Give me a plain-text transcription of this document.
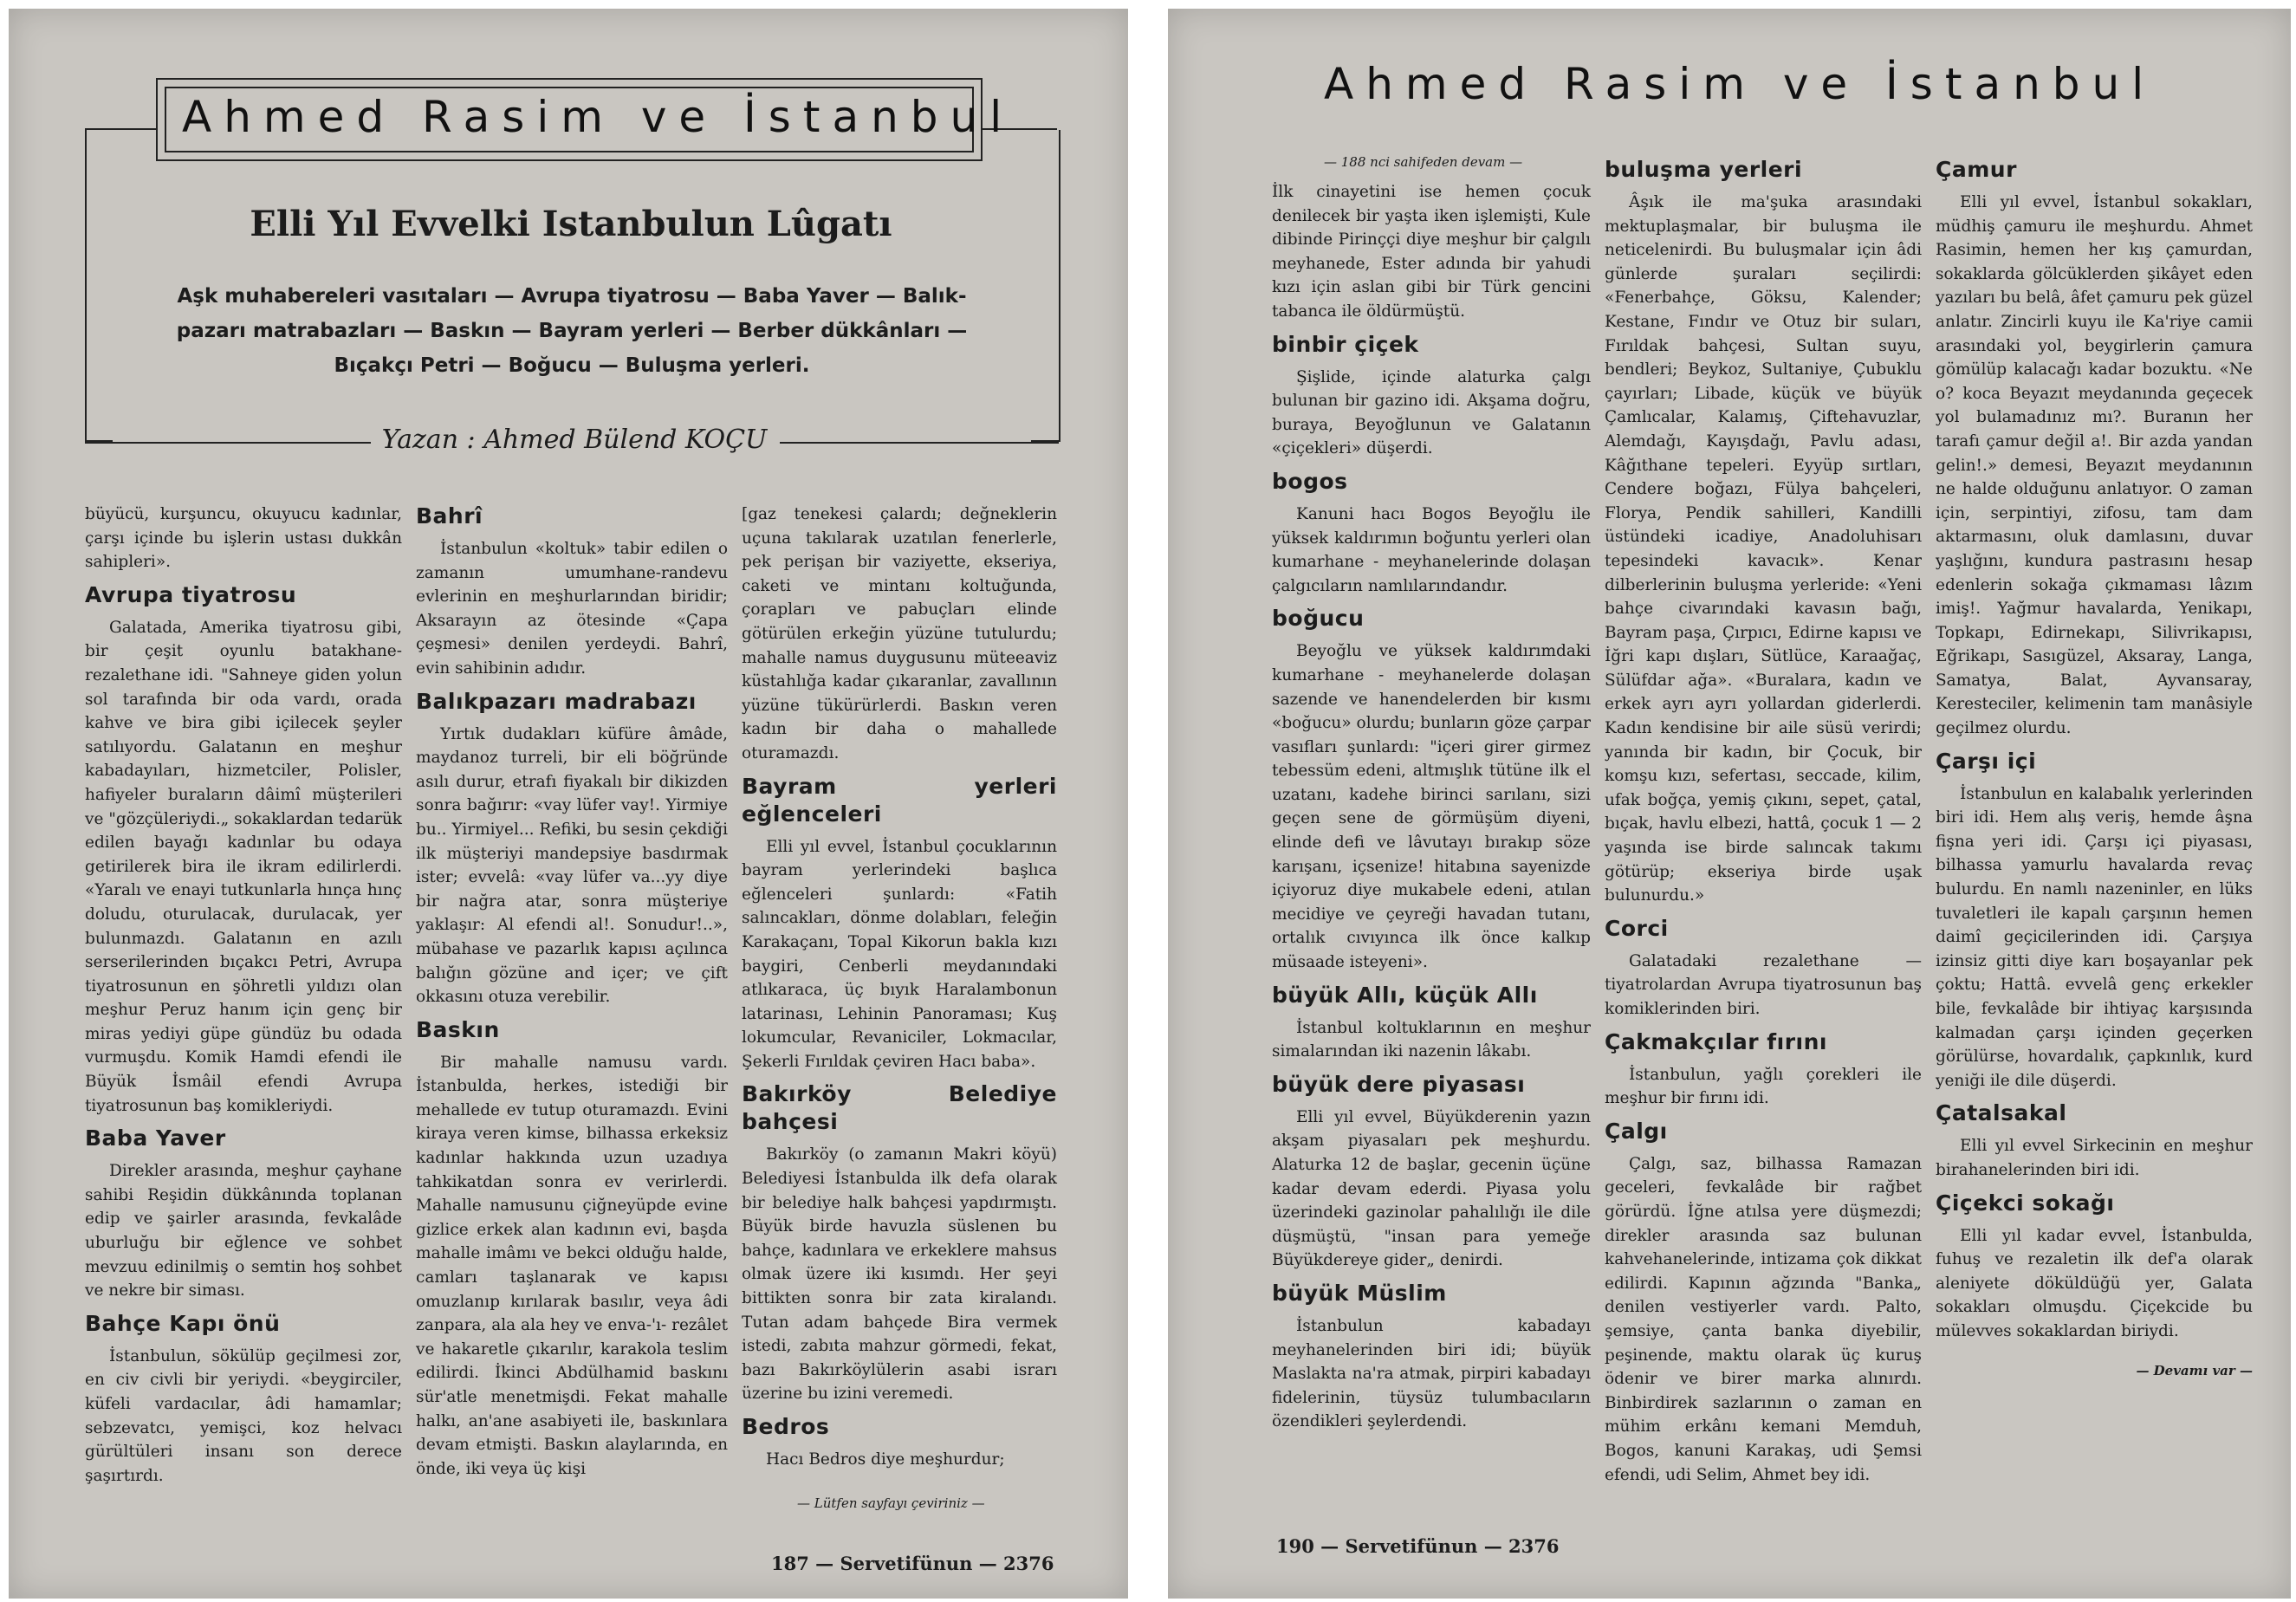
Ahmed Rasim ve İstanbul
Elli Yıl Evvelki Istanbulun Lûgatı
Aşk muhabereleri vasıtaları — Avrupa tiyatrosu — Baba Yaver — Balık-
pazarı matrabazları — Baskın — Bayram yerleri — Berber dükkânları —
Bıçakçı Petri — Boğucu — Buluşma yerleri.
Yazan : Ahmed Bülend KOÇU

büyücü, kurşuncu, okuyucu kadınlar, çarşı içinde bu işlerin ustası dukkân sahipleri».

Avrupa tiyatrosu

Galatada, Amerika tiyatrosu gibi, bir çeşit oyunlu batakhane-rezalethane idi. "Sahneye giden yolun sol tarafında bir oda vardı, orada kahve ve bira gibi içilecek şeyler satılıyordu. Galatanın en meşhur kabadayıları, hizmetciler, Polisler, hafiyeler buraların dâimî müşterileri ve "gözçüleriydi.„ sokaklardan tedarük edilen bayağı kadınlar bu odaya getirilerek bira ile ikram edilirlerdi. «Yaralı ve enayi tutkunlarla hınça hınç doludu, oturulacak, durulacak, yer bulunmazdı. Galatanın en azılı serserilerinden bıçakcı Petri, Avrupa tiyatrosunun en şöhretli yıldızı olan meşhur Peruz hanım için genç bir miras yediyi güpe gündüz bu odada vurmuşdu. Komik Hamdi efendi ile Büyük İsmâil efendi Avrupa tiyatrosunun baş komikleriydi.

Baba Yaver

Direkler arasında, meşhur çayhane sahibi Reşidin dükkânında toplanan edip ve şairler arasında, fevkalâde uburluğu bir eğlence ve sohbet mevzuu edinilmiş o semtin hoş sohbet ve nekre bir siması.

Bahçe Kapı önü

İstanbulun, sökülüp geçilmesi zor, en civ civli bir yeriydi. «beygirciler, küfeli vardacılar, âdi hamamlar; sebzevatcı, yemişci, koz helvacı gürültüleri insanı son derece şaşırtırdı.

Bahrî

İstanbulun «koltuk» tabir edilen o zamanın umumhane-randevu evlerinin en meşhurlarından biridir; Aksarayın az ötesinde «Çapa çeşmesi» denilen yerdeydi. Bahrî, evin sahibinin adıdır.

Balıkpazarı madrabazı

Yırtık dudakları küfüre âmâde, maydanoz turreli, bir eli böğründe asılı durur, etrafı fiyakalı bir dikizden sonra bağırır: «vay lüfer vay!. Yirmiye bu.. Yirmiyel... Refiki, bu sesin çekdiği ilk müşteriyi mandepsiye basdırmak ister; evvelâ: «vay lüfer va...yy diye bir nağra atar, sonra müşteriye yaklaşır: Al efendi al!. Sonudur!..», mübahase ve pazarlık kapısı açılınca balığın gözüne and içer; ve çift okkasını otuza verebilir.

Baskın

Bir mahalle namusu vardı. İstanbulda, herkes, istediği bir mehallede ev tutup oturamazdı. Evini kiraya veren kimse, bilhassa erkeksiz kadınlar hakkında uzun uzadıya tahkikatdan sonra ev verirlerdi. Mahalle namusunu çiğneyüpde evine gizlice erkek alan kadının evi, başda mahalle imâmı ve bekci olduğu halde, camları taşlanarak ve kapısı omuzlanıp kırılarak basılır, veya âdi zanpara, ala ala hey ve enva-'ı- rezâlet ve hakaretle çıkarılır, karakola teslim edilirdi. İkinci Abdülhamid baskını sür'atle menetmişdi. Fekat mahalle halkı, an'ane asabiyeti ile, baskınlara devam etmişti. Baskın alaylarında, en önde, iki veya üç kişi

[gaz tenekesi çalardı; değneklerin uçuna takılarak uzatılan fenerlerle, pek perişan bir vaziyette, ekseriya, caketi ve mintanı koltuğunda, çorapları ve pabuçları elinde götürülen erkeğin yüzüne tutulurdu; mahalle namus duygusunu müteeaviz küstahlığa kadar çıkaranlar, zavallının yüzüne tükürürlerdi. Baskın veren kadın bir daha o mahallede oturamazdı.

Bayram yerleri eğlenceleri

Elli yıl evvel, İstanbul çocuklarının bayram yerlerindeki başlıca eğlenceleri şunlardı: «Fatih salıncakları, dönme dolabları, feleğin Karakaçanı, Topal Kikorun bakla kızı baygiri, Cenberli meydanındaki atlıkaraca, üç bıyık Haralambonun latarinası, Lehinin Panoraması; Kuş lokumcular, Revaniciler, Lokmacılar, Şekerli Fırıldak çeviren Hacı baba».

Bakırköy Belediye bahçesi

Bakırköy (o zamanın Makri köyü) Belediyesi İstanbulda ilk defa olarak bir belediye halk bahçesi yapdırmıştı. Büyük birde havuzla süslenen bu bahçe, kadınlara ve erkeklere mahsus olmak üzere iki kısımdı. Her şeyi bittikten sonra bir zata kiralandı. Tutan adam bahçede Bira vermek istedi, zabıta mahzur görmedi, fekat, bazı Bakırköylülerin asabi israrı üzerine bu izini veremedi.

Bedros

Hacı Bedros diye meşhurdur;

— Lütfen sayfayı çeviriniz —
187 — Servetifünun — 2376
Ahmed Rasim ve İstanbul
— 188 nci sahifeden devam —

İlk cinayetini ise hemen çocuk denilecek bir yaşta iken işlemişti, Kule dibinde Pirinççi diye meşhur bir çalgılı meyhanede, Ester adında bir yahudi kızı için aslan gibi bir Türk gencini tabanca ile öldürmüştü.

binbir çiçek

Şişlide, içinde alaturka çalgı bulunan bir gazino idi. Akşama doğru, buraya, Beyoğlunun ve Galatanın «çiçekleri» düşerdi.

bogos

Kanuni hacı Bogos Beyoğlu ile yüksek kaldırımın boğuntu yerleri olan kumarhane - meyhanelerinde dolaşan çalgıcıların namlılarındandır.

boğucu

Beyoğlu ve yüksek kaldırımdaki kumarhane - meyhanelerde dolaşan sazende ve hanendelerden bir kısmı «boğucu» olurdu; bunların göze çarpar vasıfları şunlardı: "içeri girer girmez tebessüm edeni, altmışlık tütüne ilk el uzatanı, kadehe birinci sarılanı, sizi geçen sene de görmüşüm diyeni, elinde defi ve lâvutayı bırakıp söze karışanı, içsenize! hitabına sayenizde içiyoruz diye mukabele edeni, atılan mecidiye ve çeyreği havadan tutanı, ortalık cıvıyınca ilk önce kalkıp müsaade isteyeni».

büyük Allı, küçük Allı

İstanbul koltuklarının en meşhur simalarından iki nazenin lâkabı.

büyük dere piyasası

Elli yıl evvel, Büyükderenin yazın akşam piyasaları pek meşhurdu. Alaturka 12 de başlar, gecenin üçüne kadar devam ederdi. Piyasa yolu üzerindeki gazinolar pahalılığı ile dile düşmüştü, "insan para yemeğe Büyükdereye gider„ denirdi.

büyük Müslim

İstanbulun kabadayı meyhanelerinden biri idi; büyük Maslakta na'ra atmak, pirpiri kabadayı fidelerinin, tüysüz tulumbacıların özendikleri şeylerdendi.

buluşma yerleri

Âşık ile ma'şuka arasındaki mektuplaşmalar, bir buluşma ile neticelenirdi. Bu buluşmalar için âdi günlerde şuraları seçilirdi: «Fenerbahçe, Göksu, Kalender; Kestane, Fındır ve Otuz bir suları, Fırıldak bahçesi, Sultan suyu, bendleri; Beykoz, Sultaniye, Çubuklu çayırları; Libade, küçük ve büyük Çamlıcalar, Kalamış, Çiftehavuzlar, Alemdağı, Kayışdağı, Pavlu adası, Kâğıthane tepeleri. Eyyüp sırtları, Cendere boğazı, Fülya bahçeleri, Florya, Pendik sahilleri, Kandilli üstündeki icadiye, Anadoluhisarı tepesindeki kavacık». Kenar dilberlerinin buluşma yerleride: «Yeni bahçe civarındaki kavasın bağı, Bayram paşa, Çırpıcı, Edirne kapısı ve İğri kapı dışları, Sütlüce, Karaağaç, Sülüfdar ağa». «Buralara, kadın ve erkek ayrı ayrı yollardan giderlerdi. Kadın kendisine bir aile süsü verirdi; yanında bir kadın, bir Çocuk, bir komşu kızı, sefertası, seccade, kilim, ufak boğça, yemiş çıkını, sepet, çatal, bıçak, havlu elbezi, hattâ, çocuk 1 — 2 yaşında ise birde salıncak takımı götürüp; ekseriya birde uşak bulunurdu.»

Corci

Galatadaki rezalethane — tiyatrolardan Avrupa tiyatrosunun baş komiklerinden biri.

Çakmakçılar fırını

İstanbulun, yağlı çorekleri ile meşhur bir fırını idi.

Çalgı

Çalgı, saz, bilhassa Ramazan geceleri, fevkalâde bir rağbet görürdü. İğne atılsa yere düşmezdi; direkler arasında saz bulunan kahvehanelerinde, intizama çok dikkat edilirdi. Kapının ağzında "Banka„ denilen vestiyerler vardı. Palto, şemsiye, çanta banka diyebilir, peşinende, maktu olarak üç kuruş ödenir ve birer marka alınırdı. Binbirdirek sazlarının o zaman en mühim erkânı kemani Memduh, Bogos, kanuni Karakaş, udi Şemsi efendi, udi Selim, Ahmet bey idi.

Çamur

Elli yıl evvel, İstanbul sokakları, müdhiş çamuru ile meşhurdu. Ahmet Rasimin, hemen her kış çamurdan, sokaklarda gölcüklerden şikâyet eden yazıları bu belâ, âfet çamuru pek güzel anlatır. Zincirli kuyu ile Ka'riye camii arasındaki yol, beygirlerin çamura gömülüp kalacağı kadar bozuktu. «Ne o? koca Beyazıt meydanında geçecek yol bulamadınız mı?. Buranın her tarafı çamur değil a!. Bir azda yandan gelin!.» demesi, Beyazıt meydanının ne halde olduğunu anlatıyor. O zaman için, serpintiyi, zifosu, tam dam aktarmasını, oluk damlasını, duvar yaşlığını, kundura pastrasını hesap edenlerin sokağa çıkmaması lâzım imiş!. Yağmur havalarda, Yenikapı, Topkapı, Edirnekapı, Silivrikapısı, Eğrikapı, Sasıgüzel, Aksaray, Langa, Samatya, Balat, Ayvansaray, Keresteciler, kelimenin tam manâsiyle geçilmez olurdu.

Çarşı içi

İstanbulun en kalabalık yerlerinden biri idi. Hem alış veriş, hemde âşna fişna yeri idi. Çarşı içi piyasası, bilhassa yamurlu havalarda revaç bulurdu. En namlı nazeninler, en lüks tuvaletleri ile kapalı çarşının hemen daimî geçicilerinden idi. Çarşıya izinsiz gitti diye karı boşayanlar pek çoktu; Hattâ. evvelâ genç erkekler bile, fevkalâde bir ihtiyaç karşısında kalmadan çarşı içinden geçerken görülürse, hovardalık, çapkınlık, kurd yeniği ile dile düşerdi.

Çatalsakal

Elli yıl evvel Sirkecinin en meşhur birahanelerinden biri idi.

Çiçekci sokağı

Elli yıl kadar evvel, İstanbulda, fuhuş ve rezaletin ilk def'a olarak aleniyete döküldüğü yer, Galata sokakları olmuşdu. Çiçekcide bu mülevves sokaklardan biriydi.

— Devamı var —
190 — Servetifünun — 2376
